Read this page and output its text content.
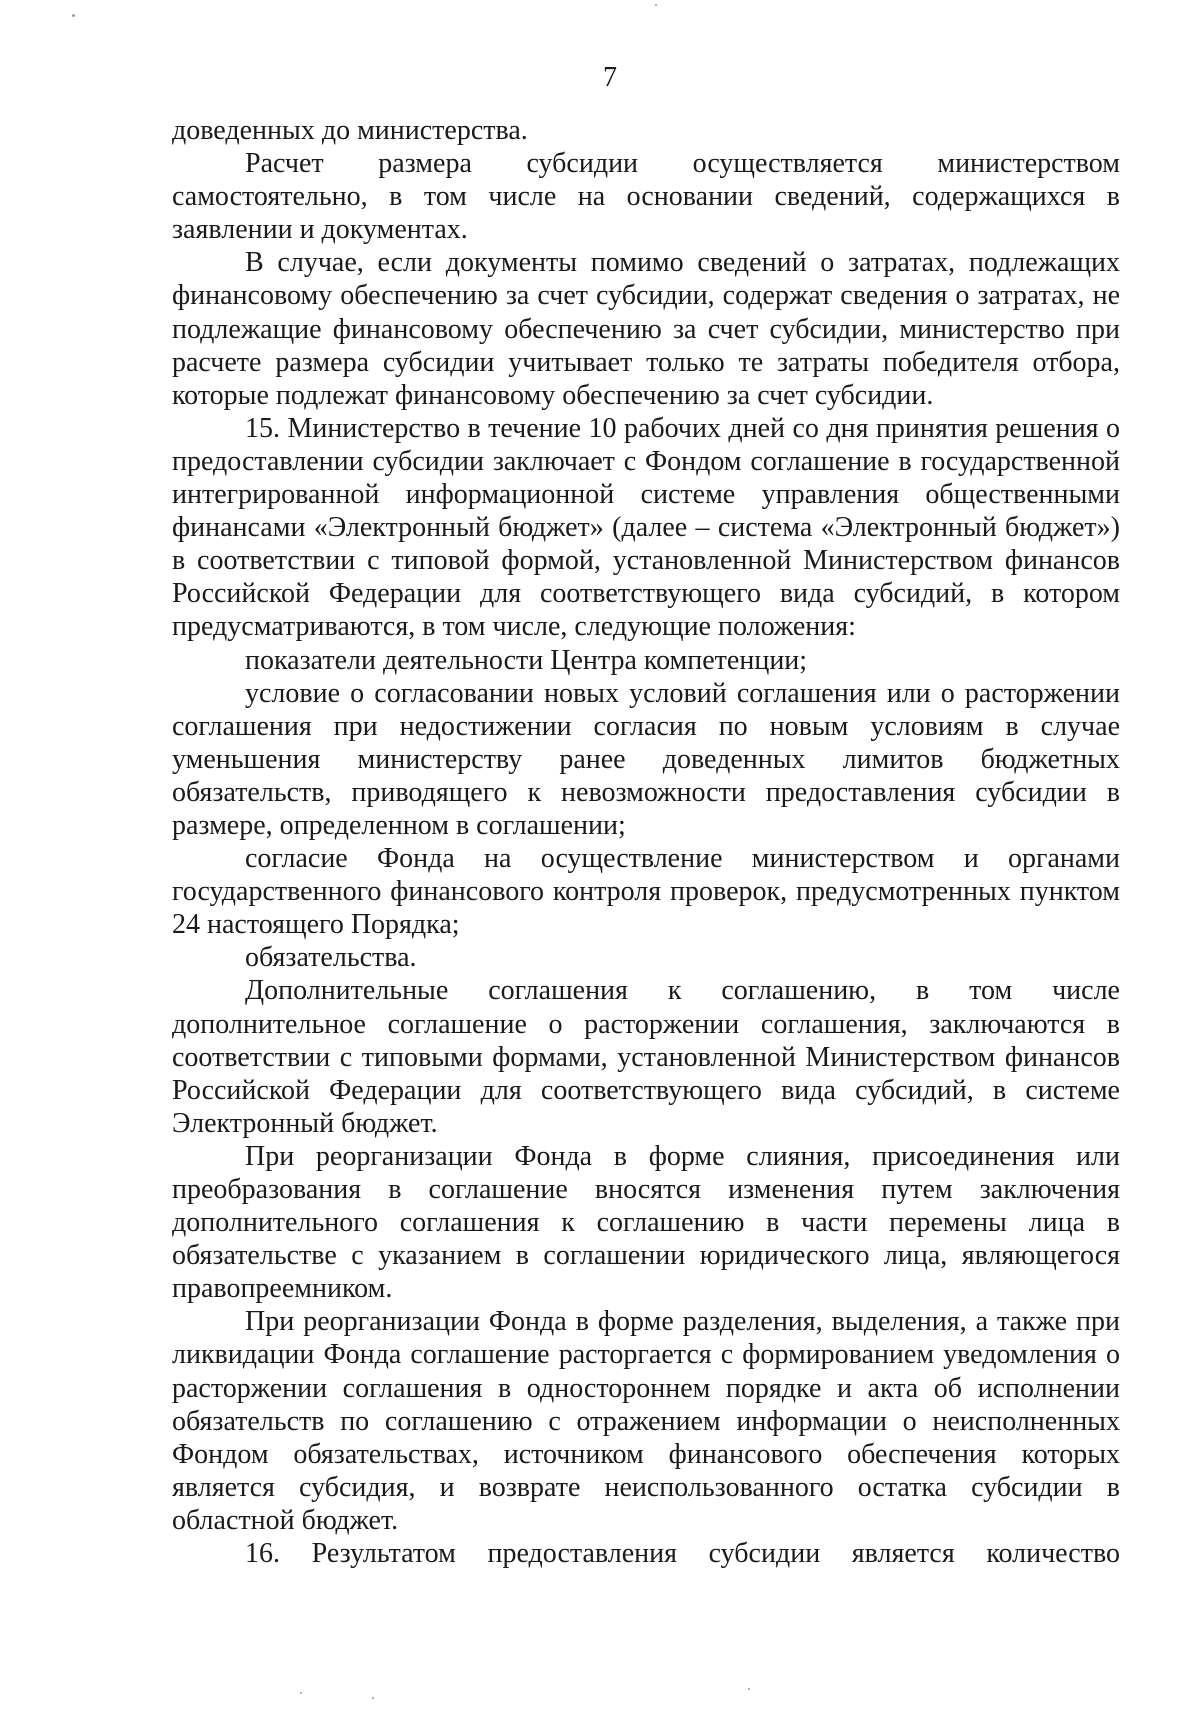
7

доведенных до министерства.

Расчет размера субсидии осуществляется министерством самостоятельно, в том числе на основании сведений, содержащихся в заявлении и документах.

В случае, если документы помимо сведений о затратах, подлежащих финансовому обеспечению за счет субсидии, содержат сведения о затратах, не подлежащие финансовому обеспечению за счет субсидии, министерство при расчете размера субсидии учитывает только те затраты победителя отбора, которые подлежат финансовому обеспечению за счет субсидии.

15. Министерство в течение 10 рабочих дней со дня принятия решения о предоставлении субсидии заключает с Фондом соглашение в государственной интегрированной информационной системе управления общественными финансами «Электронный бюджет» (далее – система «Электронный бюджет») в соответствии с типовой формой, установленной Министерством финансов Российской Федерации для соответствующего вида субсидий, в котором предусматриваются, в том числе, следующие положения:

показатели деятельности Центра компетенции;

условие о согласовании новых условий соглашения или о расторжении соглашения при недостижении согласия по новым условиям в случае уменьшения министерству ранее доведенных лимитов бюджетных обязательств, приводящего к невозможности предоставления субсидии в размере, определенном в соглашении;

согласие Фонда на осуществление министерством и органами государственного финансового контроля проверок, предусмотренных пунктом 24 настоящего Порядка;

обязательства.

Дополнительные соглашения к соглашению, в том числе дополнительное соглашение о расторжении соглашения, заключаются в соответствии с типовыми формами, установленной Министерством финансов Российской Федерации для соответствующего вида субсидий, в системе Электронный бюджет.

При реорганизации Фонда в форме слияния, присоединения или преобразования в соглашение вносятся изменения путем заключения дополнительного соглашения к соглашению в части перемены лица в обязательстве с указанием в соглашении юридического лица, являющегося правопреемником.

При реорганизации Фонда в форме разделения, выделения, а также при ликвидации Фонда соглашение расторгается с формированием уведомления о расторжении соглашения в одностороннем порядке и акта об исполнении обязательств по соглашению с отражением информации о неисполненных Фондом обязательствах, источником финансового обеспечения которых является субсидия, и возврате неиспользованного остатка субсидии в областной бюджет.

16. Результатом предоставления субсидии является количество
